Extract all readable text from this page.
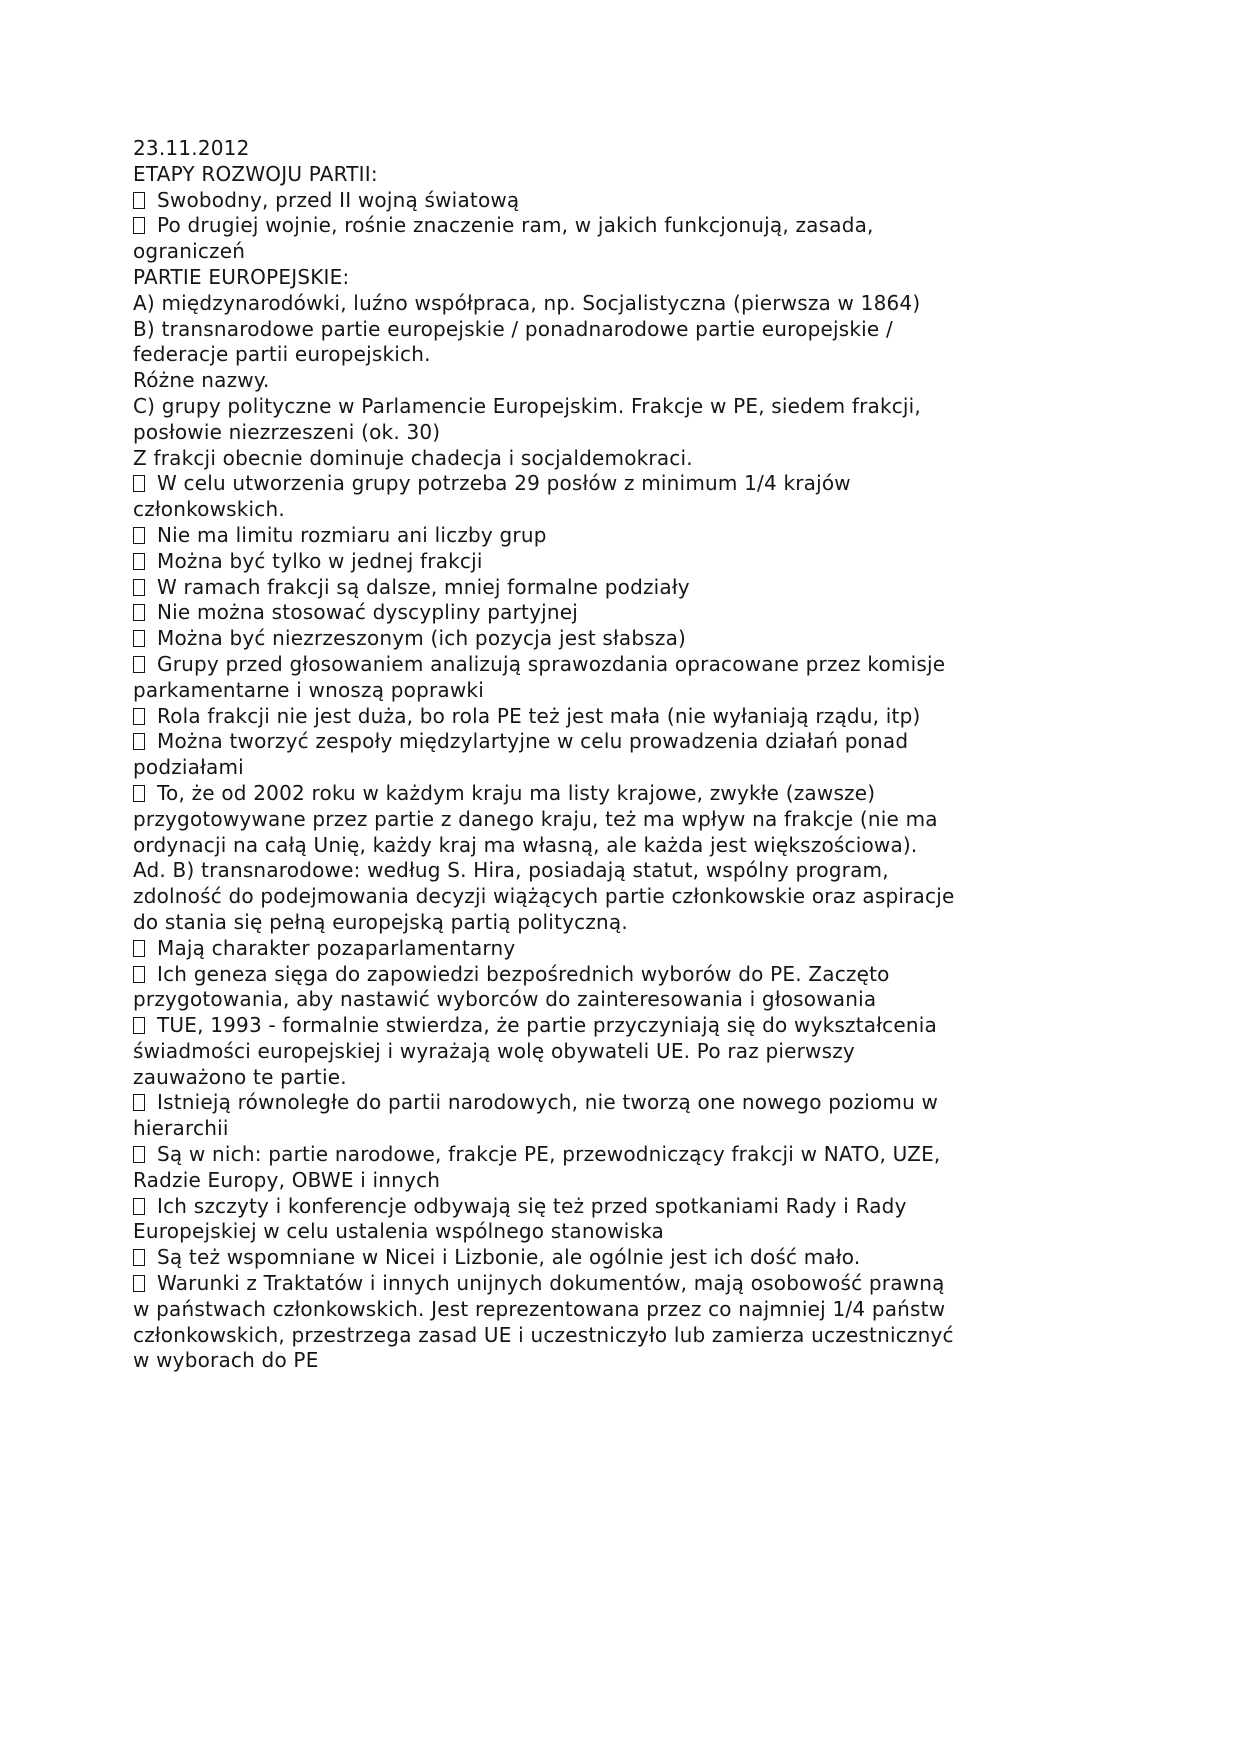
23.11.2012
ETAPY ROZWOJU PARTII:
Swobodny, przed II wojną światową
Po drugiej wojnie, rośnie znaczenie ram, w jakich funkcjonują, zasada,
ograniczeń
PARTIE EUROPEJSKIE:
A) międzynarodówki, luźno współpraca, np. Socjalistyczna (pierwsza w 1864)
B) transnarodowe partie europejskie / ponadnarodowe partie europejskie /
federacje partii europejskich.
Różne nazwy.
C) grupy polityczne w Parlamencie Europejskim. Frakcje w PE, siedem frakcji,
posłowie niezrzeszeni (ok. 30)
Z frakcji obecnie dominuje chadecja i socjaldemokraci.
W celu utworzenia grupy potrzeba 29 posłów z minimum 1/4 krajów
członkowskich.
Nie ma limitu rozmiaru ani liczby grup
Można być tylko w jednej frakcji
W ramach frakcji są dalsze, mniej formalne podziały
Nie można stosować dyscypliny partyjnej
Można być niezrzeszonym (ich pozycja jest słabsza)
Grupy przed głosowaniem analizują sprawozdania opracowane przez komisje
parkamentarne i wnoszą poprawki
Rola frakcji nie jest duża, bo rola PE też jest mała (nie wyłaniają rządu, itp)
Można tworzyć zespoły międzylartyjne w celu prowadzenia działań ponad
podziałami
To, że od 2002 roku w każdym kraju ma listy krajowe, zwykłe (zawsze)
przygotowywane przez partie z danego kraju, też ma wpływ na frakcje (nie ma
ordynacji na całą Unię, każdy kraj ma własną, ale każda jest większościowa).
Ad. B) transnarodowe: według S. Hira, posiadają statut, wspólny program,
zdolność do podejmowania decyzji wiążących partie członkowskie oraz aspiracje
do stania się pełną europejską partią polityczną.
Mają charakter pozaparlamentarny
Ich geneza sięga do zapowiedzi bezpośrednich wyborów do PE. Zaczęto
przygotowania, aby nastawić wyborców do zainteresowania i głosowania
TUE, 1993 - formalnie stwierdza, że partie przyczyniają się do wykształcenia
świadmości europejskiej i wyrażają wolę obywateli UE. Po raz pierwszy
zauważono te partie.
Istnieją równoległe do partii narodowych, nie tworzą one nowego poziomu w
hierarchii
Są w nich: partie narodowe, frakcje PE, przewodniczący frakcji w NATO, UZE,
Radzie Europy, OBWE i innych
Ich szczyty i konferencje odbywają się też przed spotkaniami Rady i Rady
Europejskiej w celu ustalenia wspólnego stanowiska
Są też wspomniane w Nicei i Lizbonie, ale ogólnie jest ich dość mało.
Warunki z Traktatów i innych unijnych dokumentów, mają osobowość prawną
w państwach członkowskich. Jest reprezentowana przez co najmniej 1/4 państw
członkowskich, przestrzega zasad UE i uczestniczyło lub zamierza uczestnicznyć
w wyborach do PE
